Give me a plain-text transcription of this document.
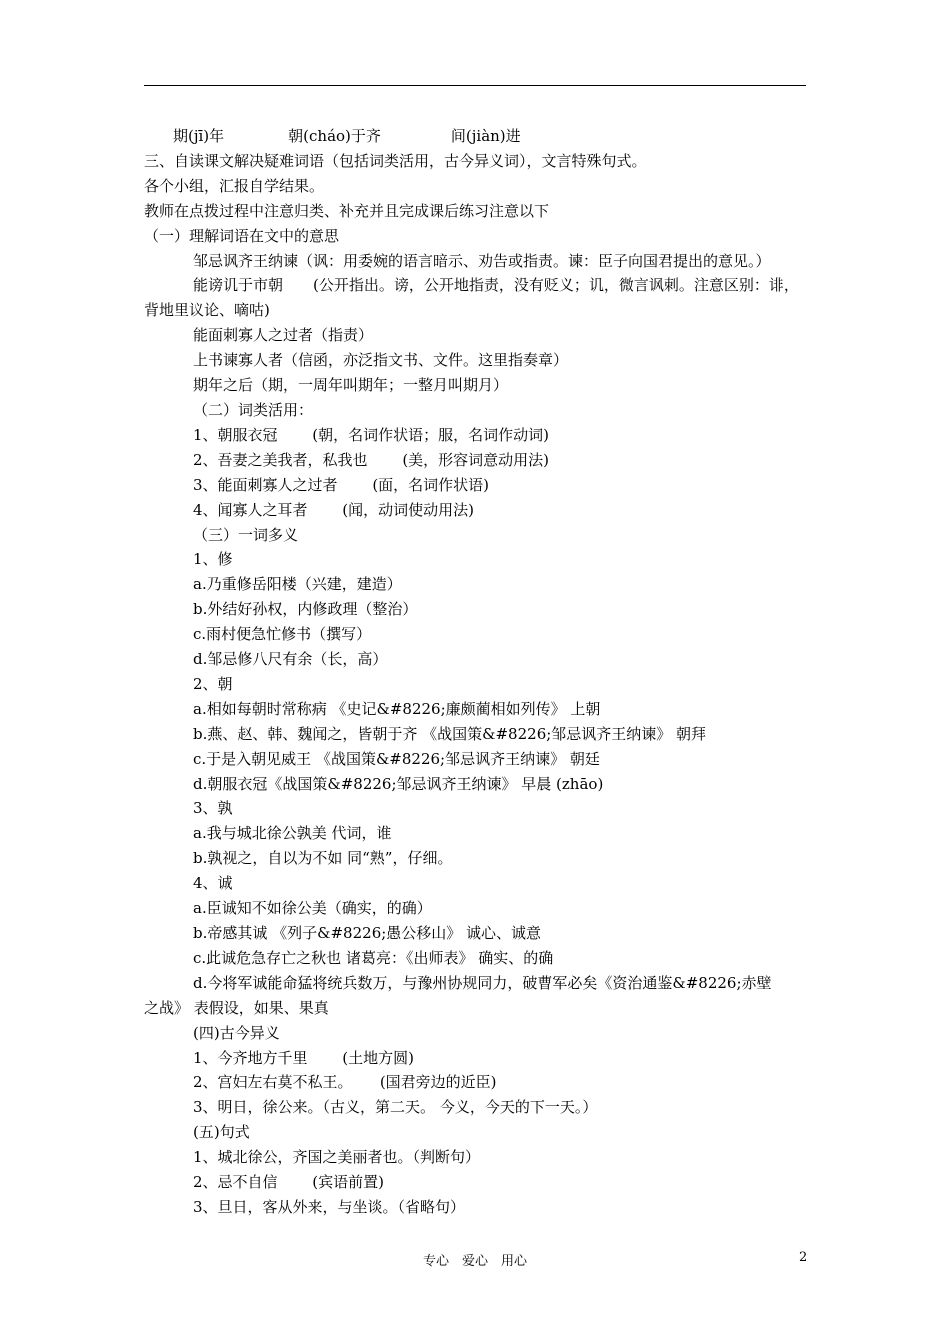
期(jī)年	朝(cháo)于齐	间(jiàn)进
三、自读课文解决疑难词语（包括词类活用，古今异义词），文言特殊句式。
各个小组，汇报自学结果。
教师在点拨过程中注意归类、补充并且完成课后练习注意以下
（一）理解词语在文中的意思
邹忌讽齐王纳谏（讽：用委婉的语言暗示、劝告或指责。谏：臣子向国君提出的意见。）
能谤讥于市朝　　(公开指出。谤，公开地指责，没有贬义；讥，微言讽刺。注意区别：诽，
背地里议论、嘀咕)
能面刺寡人之过者（指责）
上书谏寡人者（信函，亦泛指文书、文件。这里指奏章）
期年之后（期，一周年叫期年；一整月叫期月）
（二）词类活用：
1、朝服衣冠　　 (朝，名词作状语；服，名词作动词)
2、吾妻之美我者，私我也　　 (美，形容词意动用法)
3、能面刺寡人之过者　　 (面，名词作状语)
4、闻寡人之耳者　　 (闻，动词使动用法)
（三）一词多义
1、修
a.乃重修岳阳楼（兴建，建造）
b.外结好孙权，内修政理（整治）
c.雨村便急忙修书（撰写）
d.邹忌修八尺有余（长，高）
2、朝
a.相如每朝时常称病 《史记&#8226;廉颇蔺相如列传》 上朝
b.燕、赵、韩、魏闻之，皆朝于齐 《战国策&#8226;邹忌讽齐王纳谏》 朝拜
c.于是入朝见威王 《战国策&#8226;邹忌讽齐王纳谏》 朝廷
d.朝服衣冠《战国策&#8226;邹忌讽齐王纳谏》 早晨 (zhāo)
3、孰
a.我与城北徐公孰美 代词，谁
b.孰视之，自以为不如 同“熟”，仔细。
4、诚
a.臣诚知不如徐公美（确实，的确）
b.帝感其诚 《列子&#8226;愚公移山》 诚心、诚意
c.此诚危急存亡之秋也 诸葛亮：《出师表》 确实、的确
d.今将军诚能命猛将统兵数万，与豫州协规同力，破曹军必矣《资治通鉴&#8226;赤壁
之战》 表假设，如果、果真
(四)古今异义
1、今齐地方千里　　 (土地方圆)
2、宫妇左右莫不私王。　　 (国君旁边的近臣)
3、明日，徐公来。（古义，第二天。 今义，今天的下一天。）
(五)句式
1、城北徐公，齐国之美丽者也。（判断句）
2、忌不自信　　 (宾语前置)
3、旦日，客从外来，与坐谈。（省略句）
专心　爱心　用心	2
